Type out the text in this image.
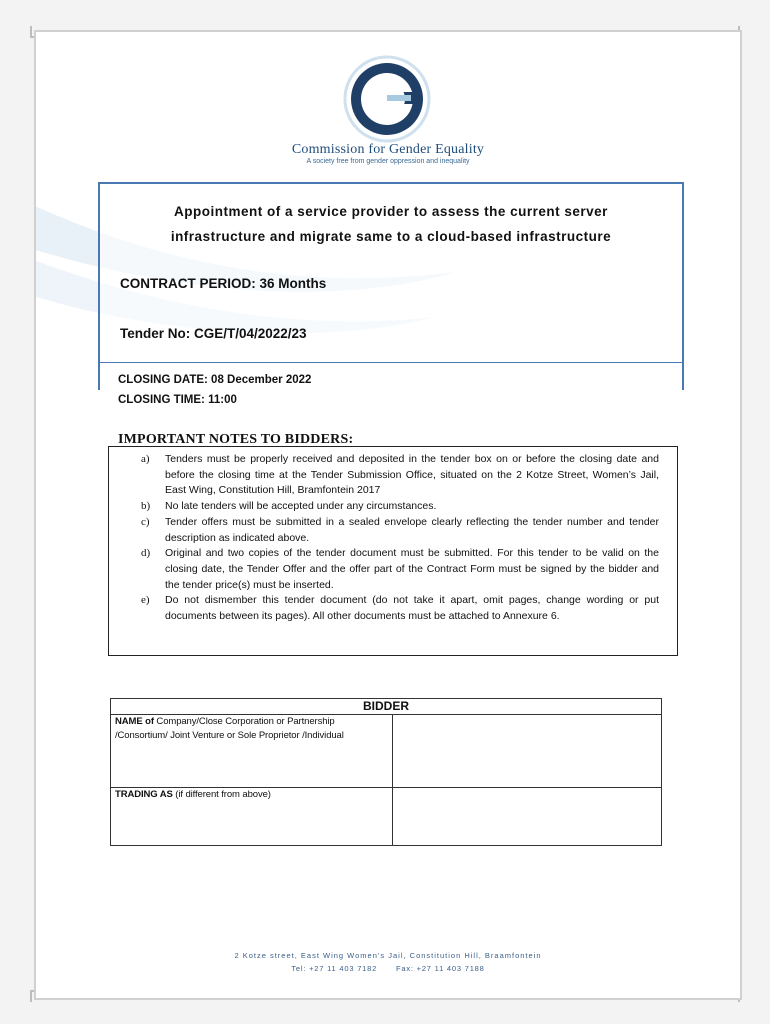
Commission for Gender Equality
A society free from gender oppression and inequality
Appointment of a service provider to assess the current server
infrastructure and migrate same to a cloud-based infrastructure
CONTRACT PERIOD: 36 Months
Tender No: CGE/T/04/2022/23
CLOSING DATE: 08 December 2022
CLOSING TIME: 11:00
IMPORTANT NOTES TO BIDDERS:
a) Tenders must be properly received and deposited in the tender box on or before the closing date and before the closing time at the Tender Submission Office, situated on the 2 Kotze Street, Women’s Jail, East Wing, Constitution Hill, Bramfontein 2017
b) No late tenders will be accepted under any circumstances.
c) Tender offers must be submitted in a sealed envelope clearly reflecting the tender number and tender description as indicated above.
d) Original and two copies of the tender document must be submitted. For this tender to be valid on the closing date, the Tender Offer and the offer part of the Contract Form must be signed by the bidder and the tender price(s) must be inserted.
e) Do not dismember this tender document (do not take it apart, omit pages, change wording or put documents between its pages). All other documents must be attached to Annexure 6.
BIDDER	
NAME of Company/Close Corporation or Partnership /Consortium/ Joint Venture or Sole Proprietor /Individual	
TRADING AS (if different from above)	
2 Kotze street, East Wing Women’s Jail, Constitution Hill, Braamfontein
Tel: +27 11 403 7182	Fax: +27 11 403 7188
